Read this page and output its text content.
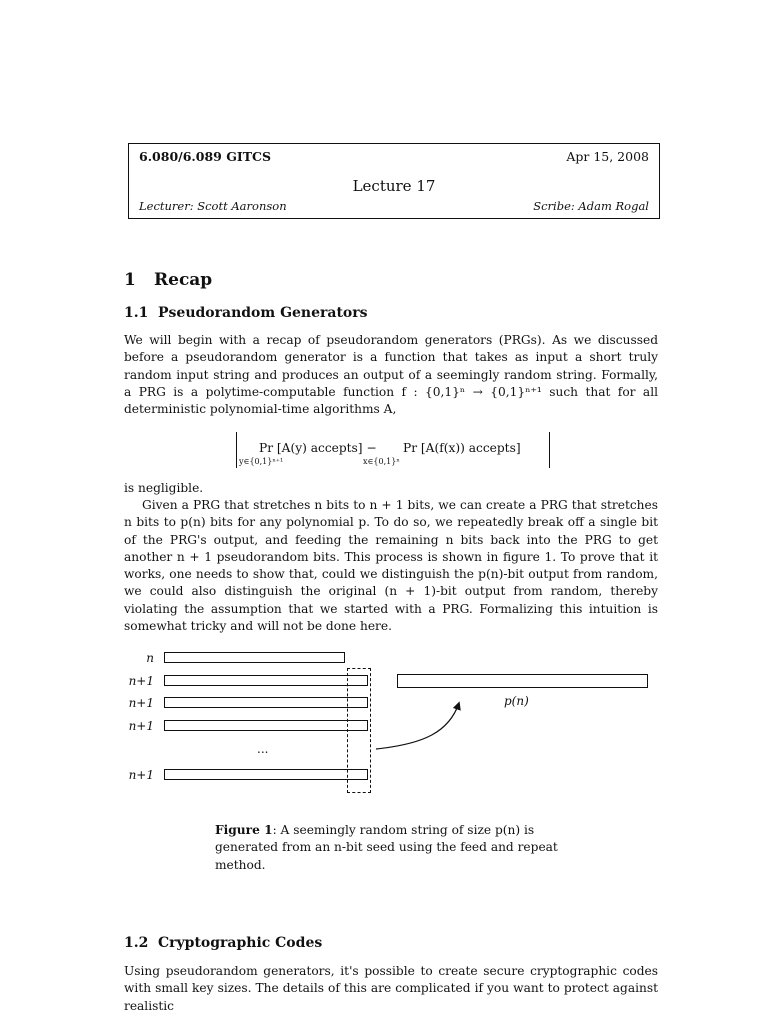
6.080/6.089 GITCS	Apr 15, 2008
Lecture 17
Lecturer: Scott Aaronson	Scribe: Adam Rogal
1 Recap
1.1 Pseudorandom Generators

We will begin with a recap of pseudorandom generators (PRGs). As we discussed before a pseudorandom generator is a function that takes as input a short truly random input string and produces an output of a seemingly random string. Formally, a PRG is a polytime-computable function f : {0,1}ⁿ → {0,1}ⁿ⁺¹ such that for all deterministic polynomial-time algorithms A,

Pr [A(y) accepts] −
y∈{0,1}ⁿ⁺¹
Pr [A(f(x)) accepts]
x∈{0,1}ⁿ

is negligible.

Given a PRG that stretches n bits to n + 1 bits, we can create a PRG that stretches n bits to p(n) bits for any polynomial p. To do so, we repeatedly break off a single bit of the PRG's output, and feeding the remaining n bits back into the PRG to get another n + 1 pseudorandom bits. This process is shown in figure 1. To prove that it works, one needs to show that, could we distinguish the p(n)-bit output from random, we could also distinguish the original (n + 1)-bit output from random, thereby violating the assumption that we started with a PRG. Formalizing this intuition is somewhat tricky and will not be done here.

n
n+1
n+1
n+1
n+1
...
p(n)
Figure 1: A seemingly random string of size p(n) is generated from an n-bit seed using the feed and repeat method.
1.2 Cryptographic Codes

Using pseudorandom generators, it's possible to create secure cryptographic codes with small key sizes. The details of this are complicated if you want to protect against realistic
